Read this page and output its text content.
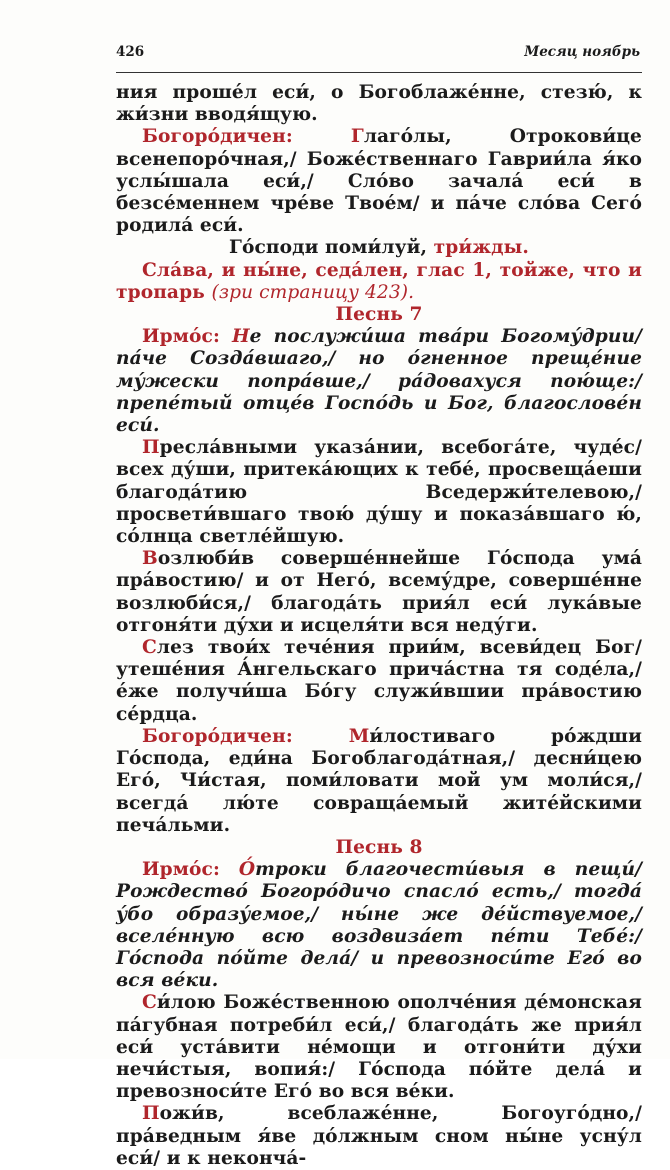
426	Месяц ноябрь

ния проше́л еси́, о Богоблаже́нне, стезю́, к жи́зни вводя́щую.

Богоро́дичен: Глаго́лы, Отрокови́це всенепоро́чная,/ Боже́ственнаго Гаврии́ла я́ко услы́шала еси́,/ Сло́во зачала́ еси́ в безсе́меннем чре́ве Твое́м/ и па́че сло́ва Сего́ родила́ еси́.

Го́споди поми́луй, три́жды.

Сла́ва, и ны́не, седа́лен, глас 1, тойже, что и тропарь (зри страницу 423).

Песнь 7

Ирмо́с: Не послужи́ша тва́ри Богому́дрии/ па́че Созда́вшаго,/ но о́гненное преще́ние му́жески попра́вше,/ ра́довахуся пою́ще:/ препе́тый отце́в Госпо́дь и Бог, благослове́н еси́.

Пресла́вными указа́нии, всебога́те, чуде́с/ всех ду́ши, притека́ющих к тебе́, просвеща́еши благода́тию Вседержи́телевою,/ просвети́вшаго твою́ ду́шу и показа́вшаго ю́, со́лнца светле́йшую.

Возлюби́в соверше́ннейше Го́спода ума́ пра́востию/ и от Него́, всему́дре, соверше́нне возлюби́ся,/ благода́ть прия́л еси́ лука́вые отгоня́ти ду́хи и исцеля́ти вся неду́ги.

Слез твои́х тече́ния прии́м, всеви́дец Бог/ утеше́ния А́нгельскаго прича́стна тя соде́ла,/ е́же получи́ша Бо́гу служи́вшии пра́востию се́рдца.

Богоро́дичен: Ми́лостиваго ро́ждши Го́спода, еди́на Богоблагода́тная,/ десни́цею Его́, Чи́стая, поми́ловати мой ум моли́ся,/ всегда́ лю́те совраща́емый жите́йскими печа́льми.

Песнь 8

Ирмо́с: О́троки благочести́выя в пещи́/ Рождество́ Богоро́дичо спасло́ есть,/ тогда́ у́бо образу́емое,/ ны́не же де́йствуемое,/ вселе́нную всю воздвиза́ет пе́ти Тебе́:/ Го́спода по́йте дела́/ и превозноси́те Его́ во вся ве́ки.

Си́лою Боже́ственною ополче́ния де́монская па́губная потреби́л еси́,/ благода́ть же прия́л еси́ уста́вити не́мощи и отгони́ти ду́хи нечи́стыя, вопия́:/ Го́спода по́йте дела́ и превозноси́те Его́ во вся ве́ки.

Пожи́в, всеблаже́нне, Богоуго́дно,/ пра́ведным я́ве до́лжным сном ны́не усну́л еси́/ и к некончá-
